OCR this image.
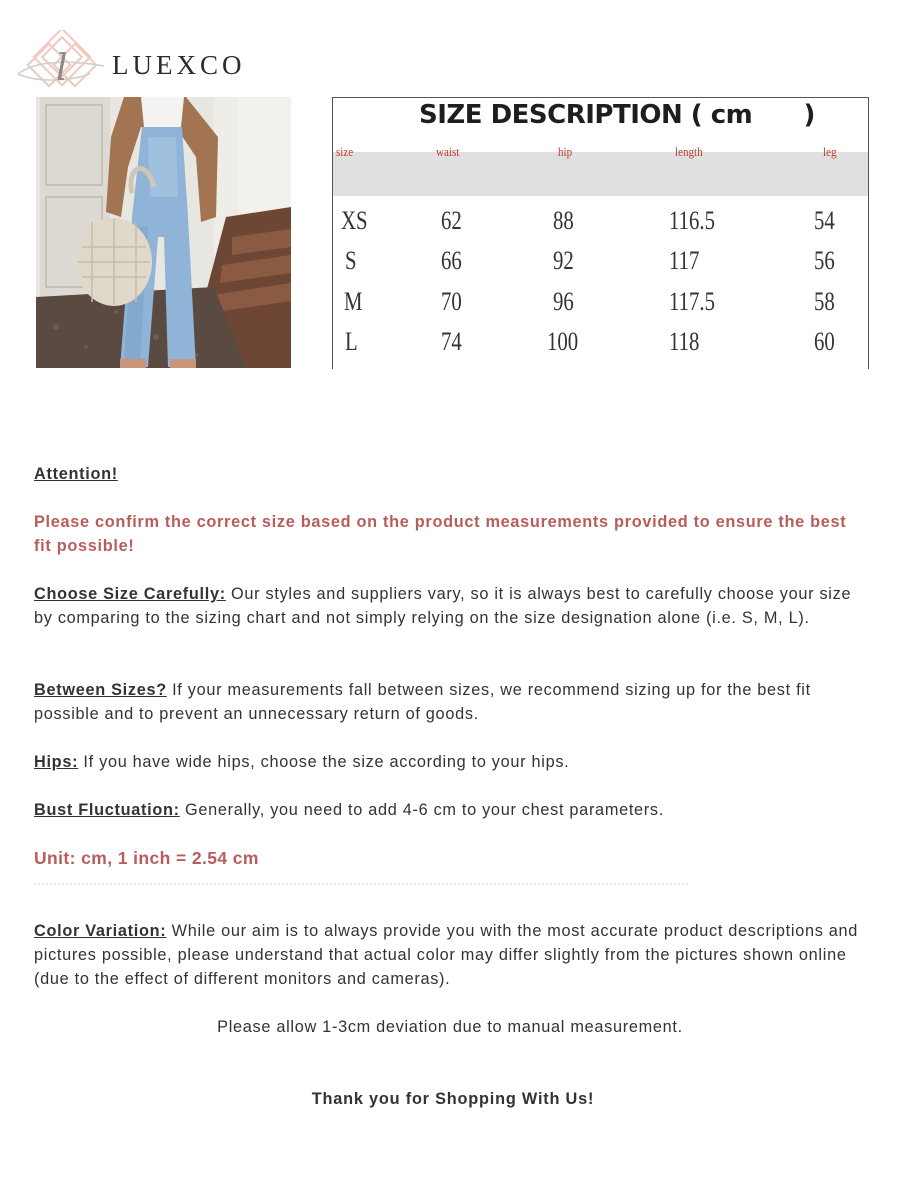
l LUEXCO
SIZE DESCRIPTION ( cm      )
size	waist	hip	length	leg
XS	62	88	116.5	54
S	66	92	117	56
M	70	96	117.5	58
L	74	100	118	60
Attention!
Please confirm the correct size based on the product measurements provided to ensure the best fit possible!
Choose Size Carefully: Our styles and suppliers vary, so it is always best to carefully choose your size by comparing to the sizing chart and not simply relying on the size designation alone (i.e. S, M, L).
Between Sizes? If your measurements fall between sizes, we recommend sizing up for the best fit possible and to prevent an unnecessary return of goods.
Hips: If you have wide hips, choose the size according to your hips.
Bust Fluctuation: Generally, you need to add 4-6 cm to your chest parameters.
Unit: cm, 1 inch = 2.54 cm
Color Variation: While our aim is to always provide you with the most accurate product descriptions and pictures possible, please understand that actual color may differ slightly from the pictures shown online (due to the effect of different monitors and cameras).
Please allow 1-3cm deviation due to manual measurement.
Thank you for Shopping With Us!
